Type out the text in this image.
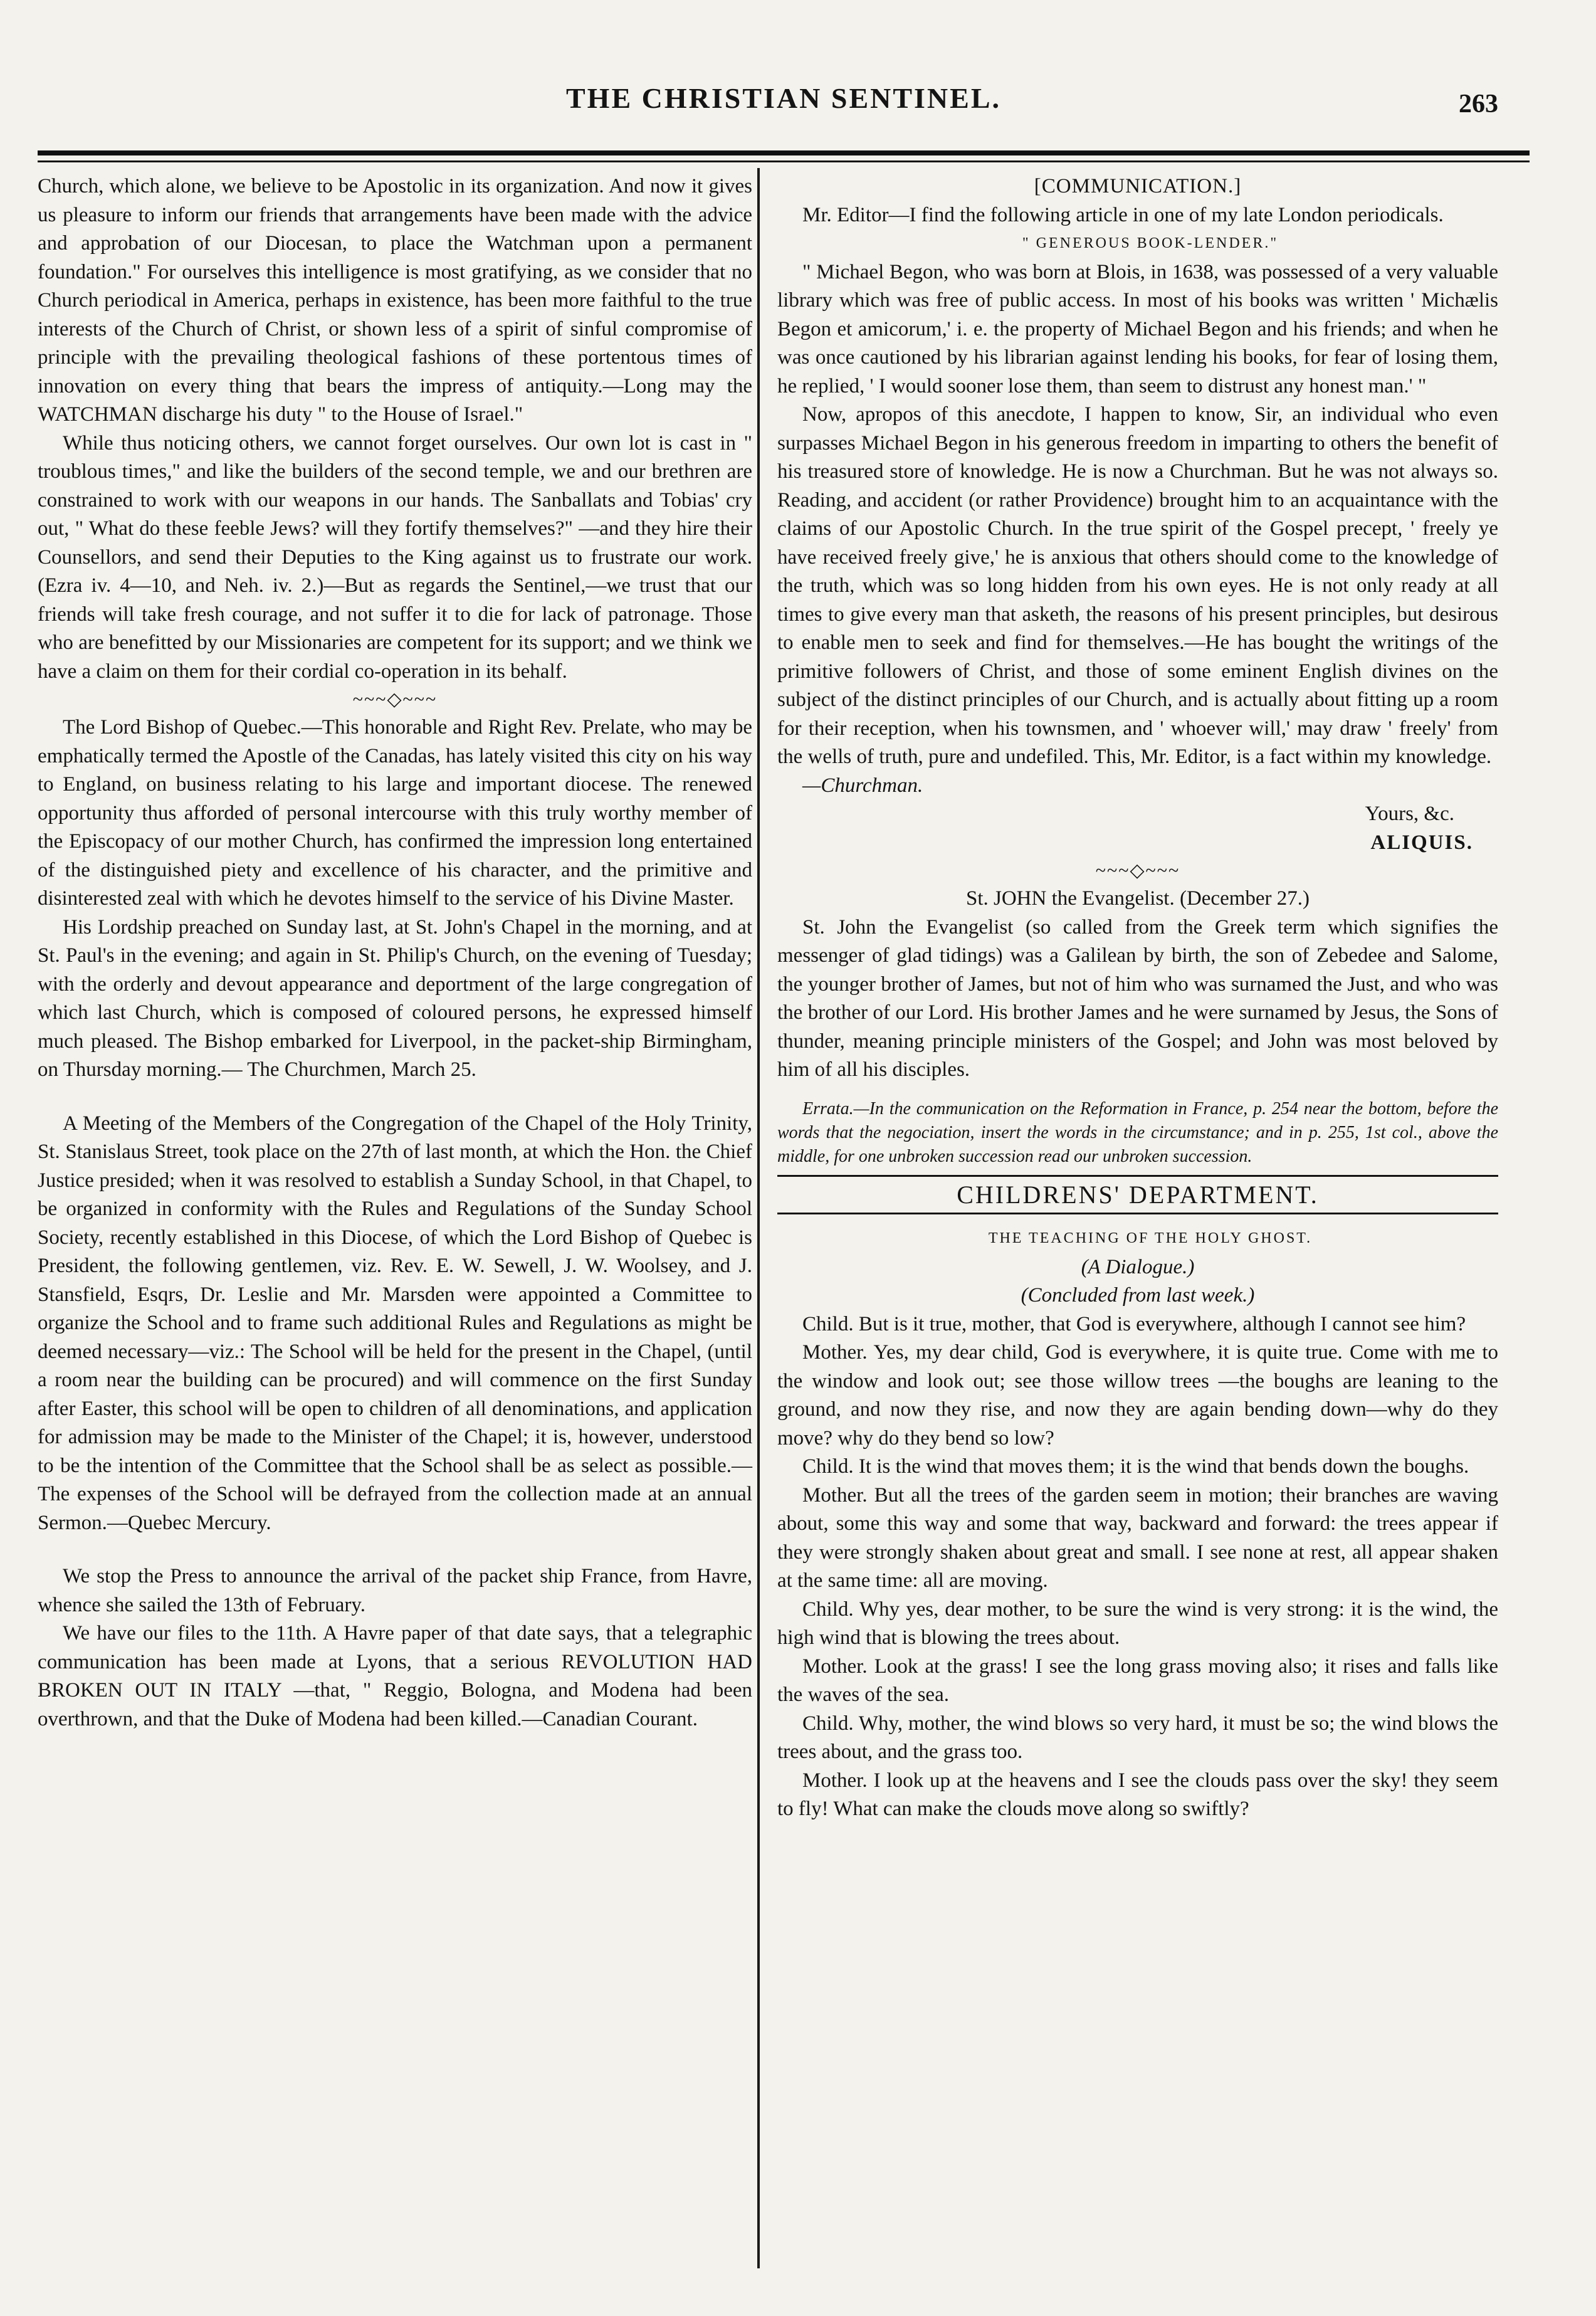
THE CHRISTIAN SENTINEL.	263

Church, which alone, we believe to be Apostolic in its organization. And now it gives us pleasure to inform our friends that arrangements have been made with the advice and approbation of our Diocesan, to place the Watchman upon a permanent foundation." For ourselves this intelligence is most gratifying, as we consider that no Church periodical in America, perhaps in existence, has been more faithful to the true interests of the Church of Christ, or shown less of a spirit of sinful compromise of principle with the prevailing theological fashions of these portentous times of innovation on every thing that bears the impress of antiquity.—Long may the WATCHMAN discharge his duty " to the House of Israel."

While thus noticing others, we cannot forget ourselves. Our own lot is cast in " troublous times," and like the builders of the second temple, we and our brethren are constrained to work with our weapons in our hands. The Sanballats and Tobias' cry out, " What do these feeble Jews? will they fortify themselves?" —and they hire their Counsellors, and send their Deputies to the King against us to frustrate our work. (Ezra iv. 4—10, and Neh. iv. 2.)—But as regards the Sentinel,—we trust that our friends will take fresh courage, and not suffer it to die for lack of patronage. Those who are benefitted by our Missionaries are competent for its support; and we think we have a claim on them for their cordial co-operation in its behalf.

~~~◇~~~

The Lord Bishop of Quebec.—This honorable and Right Rev. Prelate, who may be emphatically termed the Apostle of the Canadas, has lately visited this city on his way to England, on business relating to his large and important diocese. The renewed opportunity thus afforded of personal intercourse with this truly worthy member of the Episcopacy of our mother Church, has confirmed the impression long entertained of the distinguished piety and excellence of his character, and the primitive and disinterested zeal with which he devotes himself to the service of his Divine Master.

His Lordship preached on Sunday last, at St. John's Chapel in the morning, and at St. Paul's in the evening; and again in St. Philip's Church, on the evening of Tuesday; with the orderly and devout appearance and deportment of the large congregation of which last Church, which is composed of coloured persons, he expressed himself much pleased. The Bishop embarked for Liverpool, in the packet-ship Birmingham, on Thursday morning.— The Churchmen, March 25.

A Meeting of the Members of the Congregation of the Chapel of the Holy Trinity, St. Stanislaus Street, took place on the 27th of last month, at which the Hon. the Chief Justice presided; when it was resolved to establish a Sunday School, in that Chapel, to be organized in conformity with the Rules and Regulations of the Sunday School Society, recently established in this Diocese, of which the Lord Bishop of Quebec is President, the following gentlemen, viz. Rev. E. W. Sewell, J. W. Woolsey, and J. Stansfield, Esqrs, Dr. Leslie and Mr. Marsden were appointed a Committee to organize the School and to frame such additional Rules and Regulations as might be deemed necessary—viz.: The School will be held for the present in the Chapel, (until a room near the building can be procured) and will commence on the first Sunday after Easter, this school will be open to children of all denominations, and application for admission may be made to the Minister of the Chapel; it is, however, understood to be the intention of the Committee that the School shall be as select as possible.—The expenses of the School will be defrayed from the collection made at an annual Sermon.—Quebec Mercury.

We stop the Press to announce the arrival of the packet ship France, from Havre, whence she sailed the 13th of February.

We have our files to the 11th. A Havre paper of that date says, that a telegraphic communication has been made at Lyons, that a serious REVOLUTION HAD BROKEN OUT IN ITALY —that, " Reggio, Bologna, and Modena had been overthrown, and that the Duke of Modena had been killed.—Canadian Courant.

[COMMUNICATION.]

Mr. Editor—I find the following article in one of my late London periodicals.

" GENEROUS BOOK-LENDER."

" Michael Begon, who was born at Blois, in 1638, was possessed of a very valuable library which was free of public access. In most of his books was written ' Michælis Begon et amicorum,' i. e. the property of Michael Begon and his friends; and when he was once cautioned by his librarian against lending his books, for fear of losing them, he replied, ' I would sooner lose them, than seem to distrust any honest man.' "

Now, apropos of this anecdote, I happen to know, Sir, an individual who even surpasses Michael Begon in his generous freedom in imparting to others the benefit of his treasured store of knowledge. He is now a Churchman. But he was not always so. Reading, and accident (or rather Providence) brought him to an acquaintance with the claims of our Apostolic Church. In the true spirit of the Gospel precept, ' freely ye have received freely give,' he is anxious that others should come to the knowledge of the truth, which was so long hidden from his own eyes. He is not only ready at all times to give every man that asketh, the reasons of his present principles, but desirous to enable men to seek and find for themselves.—He has bought the writings of the primitive followers of Christ, and those of some eminent English divines on the subject of the distinct principles of our Church, and is actually about fitting up a room for their reception, when his townsmen, and ' whoever will,' may draw ' freely' from the wells of truth, pure and undefiled. This, Mr. Editor, is a fact within my knowledge.

—Churchman.

Yours, &c.

ALIQUIS.

~~~◇~~~

St. JOHN the Evangelist. (December 27.)

St. John the Evangelist (so called from the Greek term which signifies the messenger of glad tidings) was a Galilean by birth, the son of Zebedee and Salome, the younger brother of James, but not of him who was surnamed the Just, and who was the brother of our Lord. His brother James and he were surnamed by Jesus, the Sons of thunder, meaning principle ministers of the Gospel; and John was most beloved by him of all his disciples.

Errata.—In the communication on the Reformation in France, p. 254 near the bottom, before the words that the negociation, insert the words in the circumstance; and in p. 255, 1st col., above the middle, for one unbroken succession read our unbroken succession.

CHILDRENS' DEPARTMENT.

THE TEACHING OF THE HOLY GHOST.

(A Dialogue.)

(Concluded from last week.)

Child. But is it true, mother, that God is everywhere, although I cannot see him?

Mother. Yes, my dear child, God is everywhere, it is quite true. Come with me to the window and look out; see those willow trees —the boughs are leaning to the ground, and now they rise, and now they are again bending down—why do they move? why do they bend so low?

Child. It is the wind that moves them; it is the wind that bends down the boughs.

Mother. But all the trees of the garden seem in motion; their branches are waving about, some this way and some that way, backward and forward: the trees appear if they were strongly shaken about great and small. I see none at rest, all appear shaken at the same time: all are moving.

Child. Why yes, dear mother, to be sure the wind is very strong: it is the wind, the high wind that is blowing the trees about.

Mother. Look at the grass! I see the long grass moving also; it rises and falls like the waves of the sea.

Child. Why, mother, the wind blows so very hard, it must be so; the wind blows the trees about, and the grass too.

Mother. I look up at the heavens and I see the clouds pass over the sky! they seem to fly! What can make the clouds move along so swiftly?
